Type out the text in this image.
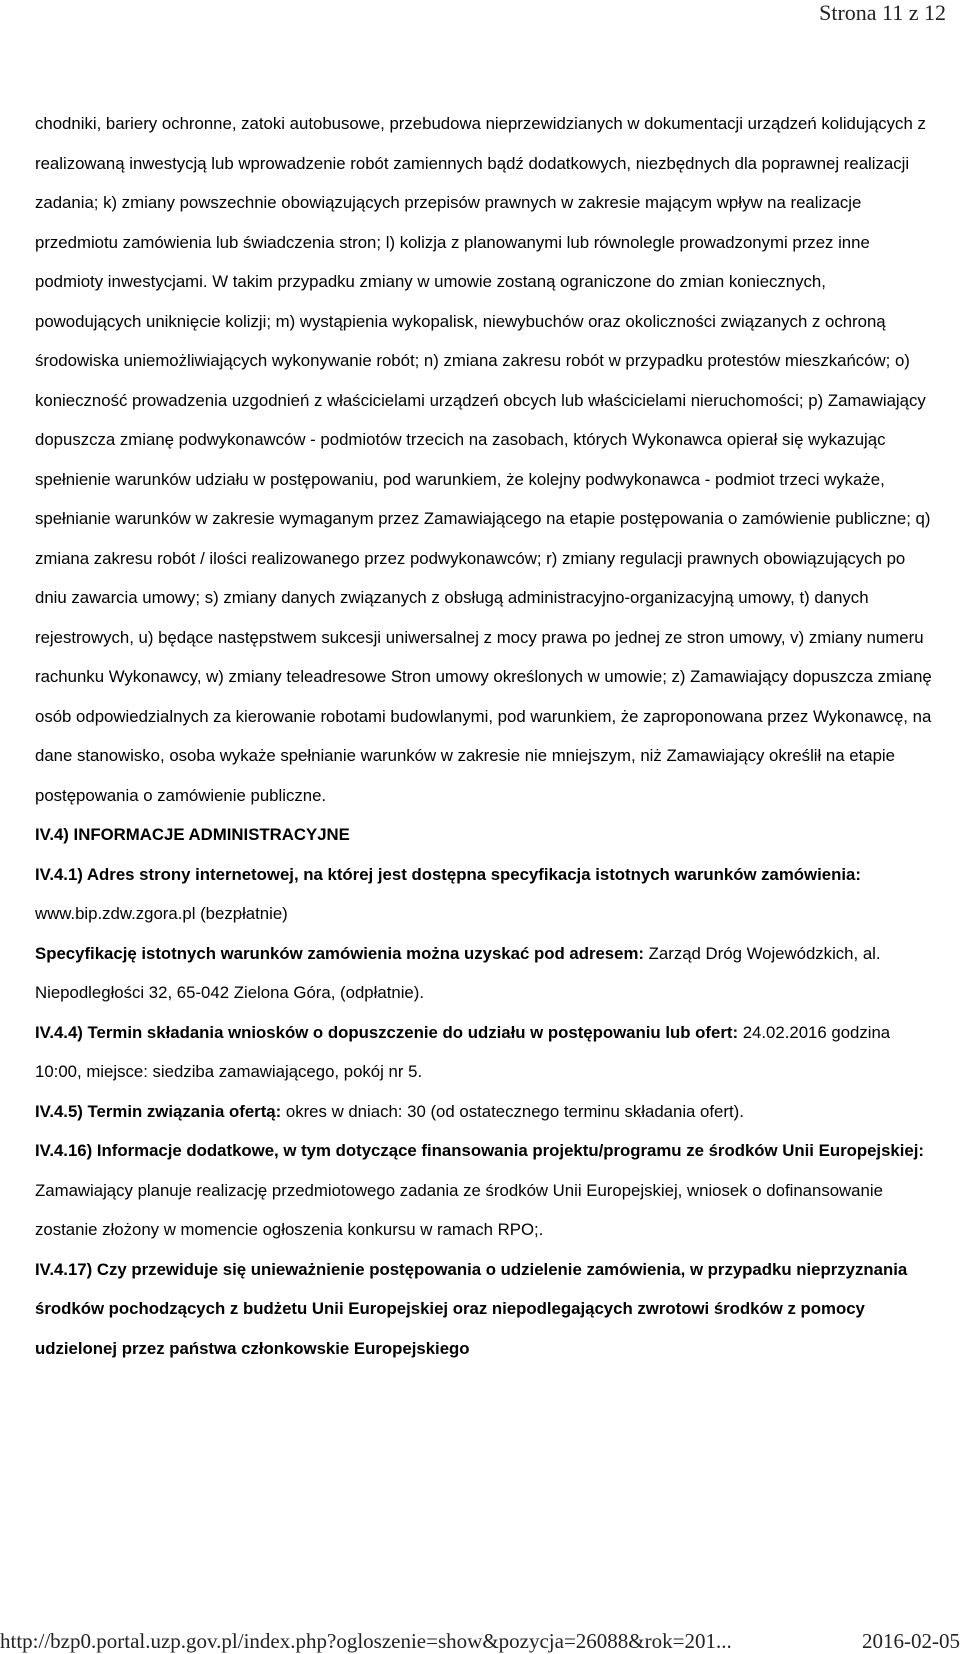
Strona 11 z 12

chodniki, bariery ochronne, zatoki autobusowe, przebudowa nieprzewidzianych w dokumentacji urządzeń kolidujących z realizowaną inwestycją lub wprowadzenie robót zamiennych bądź dodatkowych, niezbędnych dla poprawnej realizacji zadania; k) zmiany powszechnie obowiązujących przepisów prawnych w zakresie mającym wpływ na realizacje przedmiotu zamówienia lub świadczenia stron; l) kolizja z planowanymi lub równolegle prowadzonymi przez inne podmioty inwestycjami. W takim przypadku zmiany w umowie zostaną ograniczone do zmian koniecznych, powodujących uniknięcie kolizji; m) wystąpienia wykopalisk, niewybuchów oraz okoliczności związanych z ochroną środowiska uniemożliwiających wykonywanie robót; n) zmiana zakresu robót w przypadku protestów mieszkańców; o) konieczność prowadzenia uzgodnień z właścicielami urządzeń obcych lub właścicielami nieruchomości; p) Zamawiający dopuszcza zmianę podwykonawców - podmiotów trzecich na zasobach, których Wykonawca opierał się wykazując spełnienie warunków udziału w postępowaniu, pod warunkiem, że kolejny podwykonawca - podmiot trzeci wykaże, spełnianie warunków w zakresie wymaganym przez Zamawiającego na etapie postępowania o zamówienie publiczne; q) zmiana zakresu robót / ilości realizowanego przez podwykonawców; r) zmiany regulacji prawnych obowiązujących po dniu zawarcia umowy; s) zmiany danych związanych z obsługą administracyjno-organizacyjną umowy, t) danych rejestrowych, u) będące następstwem sukcesji uniwersalnej z mocy prawa po jednej ze stron umowy, v) zmiany numeru rachunku Wykonawcy, w) zmiany teleadresowe Stron umowy określonych w umowie; z) Zamawiający dopuszcza zmianę osób odpowiedzialnych za kierowanie robotami budowlanymi, pod warunkiem, że zaproponowana przez Wykonawcę, na dane stanowisko, osoba wykaże spełnianie warunków w zakresie nie mniejszym, niż Zamawiający określił na etapie postępowania o zamówienie publiczne.

IV.4) INFORMACJE ADMINISTRACYJNE

IV.4.1) Adres strony internetowej, na której jest dostępna specyfikacja istotnych warunków zamówienia: www.bip.zdw.zgora.pl (bezpłatnie)

Specyfikację istotnych warunków zamówienia można uzyskać pod adresem: Zarząd Dróg Wojewódzkich, al. Niepodległości 32, 65-042 Zielona Góra, (odpłatnie).

IV.4.4) Termin składania wniosków o dopuszczenie do udziału w postępowaniu lub ofert: 24.02.2016 godzina 10:00, miejsce: siedziba zamawiającego, pokój nr 5.

IV.4.5) Termin związania ofertą: okres w dniach: 30 (od ostatecznego terminu składania ofert).

IV.4.16) Informacje dodatkowe, w tym dotyczące finansowania projektu/programu ze środków Unii Europejskiej: Zamawiający planuje realizację przedmiotowego zadania ze środków Unii Europejskiej, wniosek o dofinansowanie zostanie złożony w momencie ogłoszenia konkursu w ramach RPO;.

IV.4.17) Czy przewiduje się unieważnienie postępowania o udzielenie zamówienia, w przypadku nieprzyznania środków pochodzących z budżetu Unii Europejskiej oraz niepodlegających zwrotowi środków z pomocy udzielonej przez państwa członkowskie Europejskiego

http://bzp0.portal.uzp.gov.pl/index.php?ogloszenie=show&pozycja=26088&rok=201...	2016-02-05
